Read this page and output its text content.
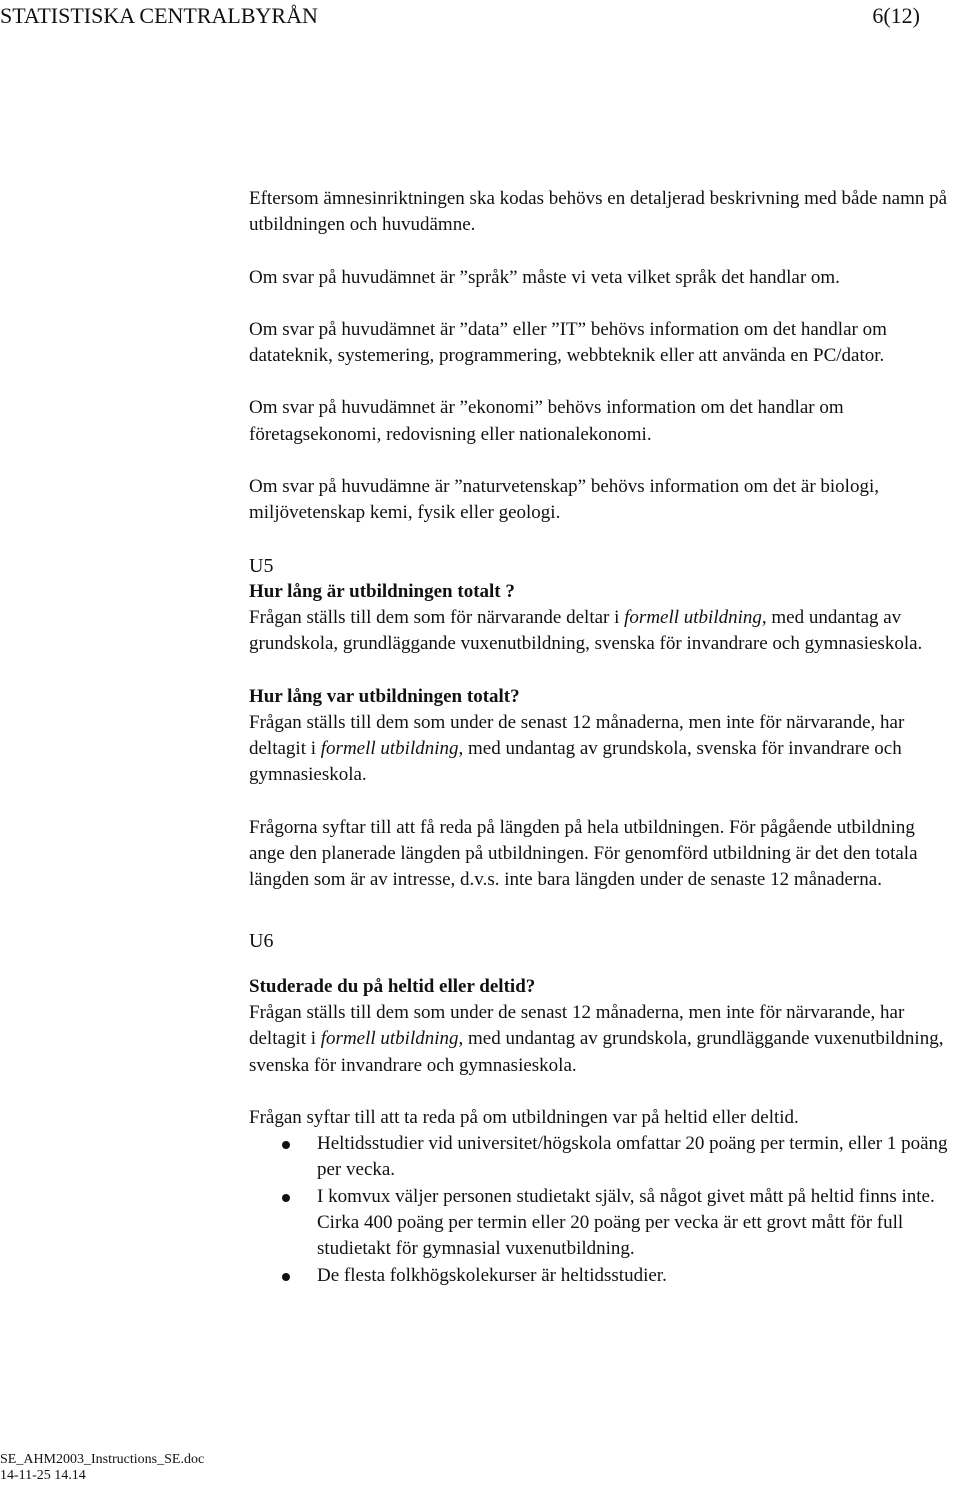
STATISTISKA CENTRALBYRÅN	6(12)

Eftersom ämnesinriktningen ska kodas behövs en detaljerad beskrivning med både namn på utbildningen och huvudämne.

Om svar på huvudämnet är ”språk” måste vi veta vilket språk det handlar om.

Om svar på huvudämnet är ”data” eller ”IT” behövs information om det handlar om datateknik, systemering, programmering, webbteknik eller att använda en PC/dator.

Om svar på huvudämnet är ”ekonomi” behövs information om det handlar om företagsekonomi, redovisning eller nationalekonomi.

Om svar på huvudämne är ”naturvetenskap” behövs information om det är biologi, miljövetenskap kemi, fysik eller geologi.

U5

Hur lång är utbildningen totalt ?

Frågan ställs till dem som för närvarande deltar i formell utbildning, med undantag av grundskola, grundläggande vuxenutbildning, svenska för invandrare och gymnasieskola.

Hur lång var utbildningen totalt?

Frågan ställs till dem som under de senast 12 månaderna, men inte för närvarande, har deltagit i formell utbildning, med undantag av grundskola, svenska för invandrare och gymnasieskola.

Frågorna syftar till att få reda på längden på hela utbildningen. För pågående utbildning ange den planerade längden på utbildningen. För genomförd utbildning är det den totala längden som är av intresse, d.v.s. inte bara längden under de senaste 12 månaderna.

U6

Studerade du på heltid eller deltid?

Frågan ställs till dem som under de senast 12 månaderna, men inte för närvarande, har deltagit i formell utbildning, med undantag av grundskola, grundläggande vuxenutbildning, svenska för invandrare och gymnasieskola.

Frågan syftar till att ta reda på om utbildningen var på heltid eller deltid.

Heltidsstudier vid universitet/högskola omfattar 20 poäng per termin, eller 1 poäng per vecka.
I komvux väljer personen studietakt själv, så något givet mått på heltid finns inte. Cirka 400 poäng per termin eller 20 poäng per vecka är ett grovt mått för full studietakt för gymnasial vuxenutbildning.
De flesta folkhögskolekurser är heltidsstudier.
SE_AHM2003_Instructions_SE.doc
14-11-25 14.14
